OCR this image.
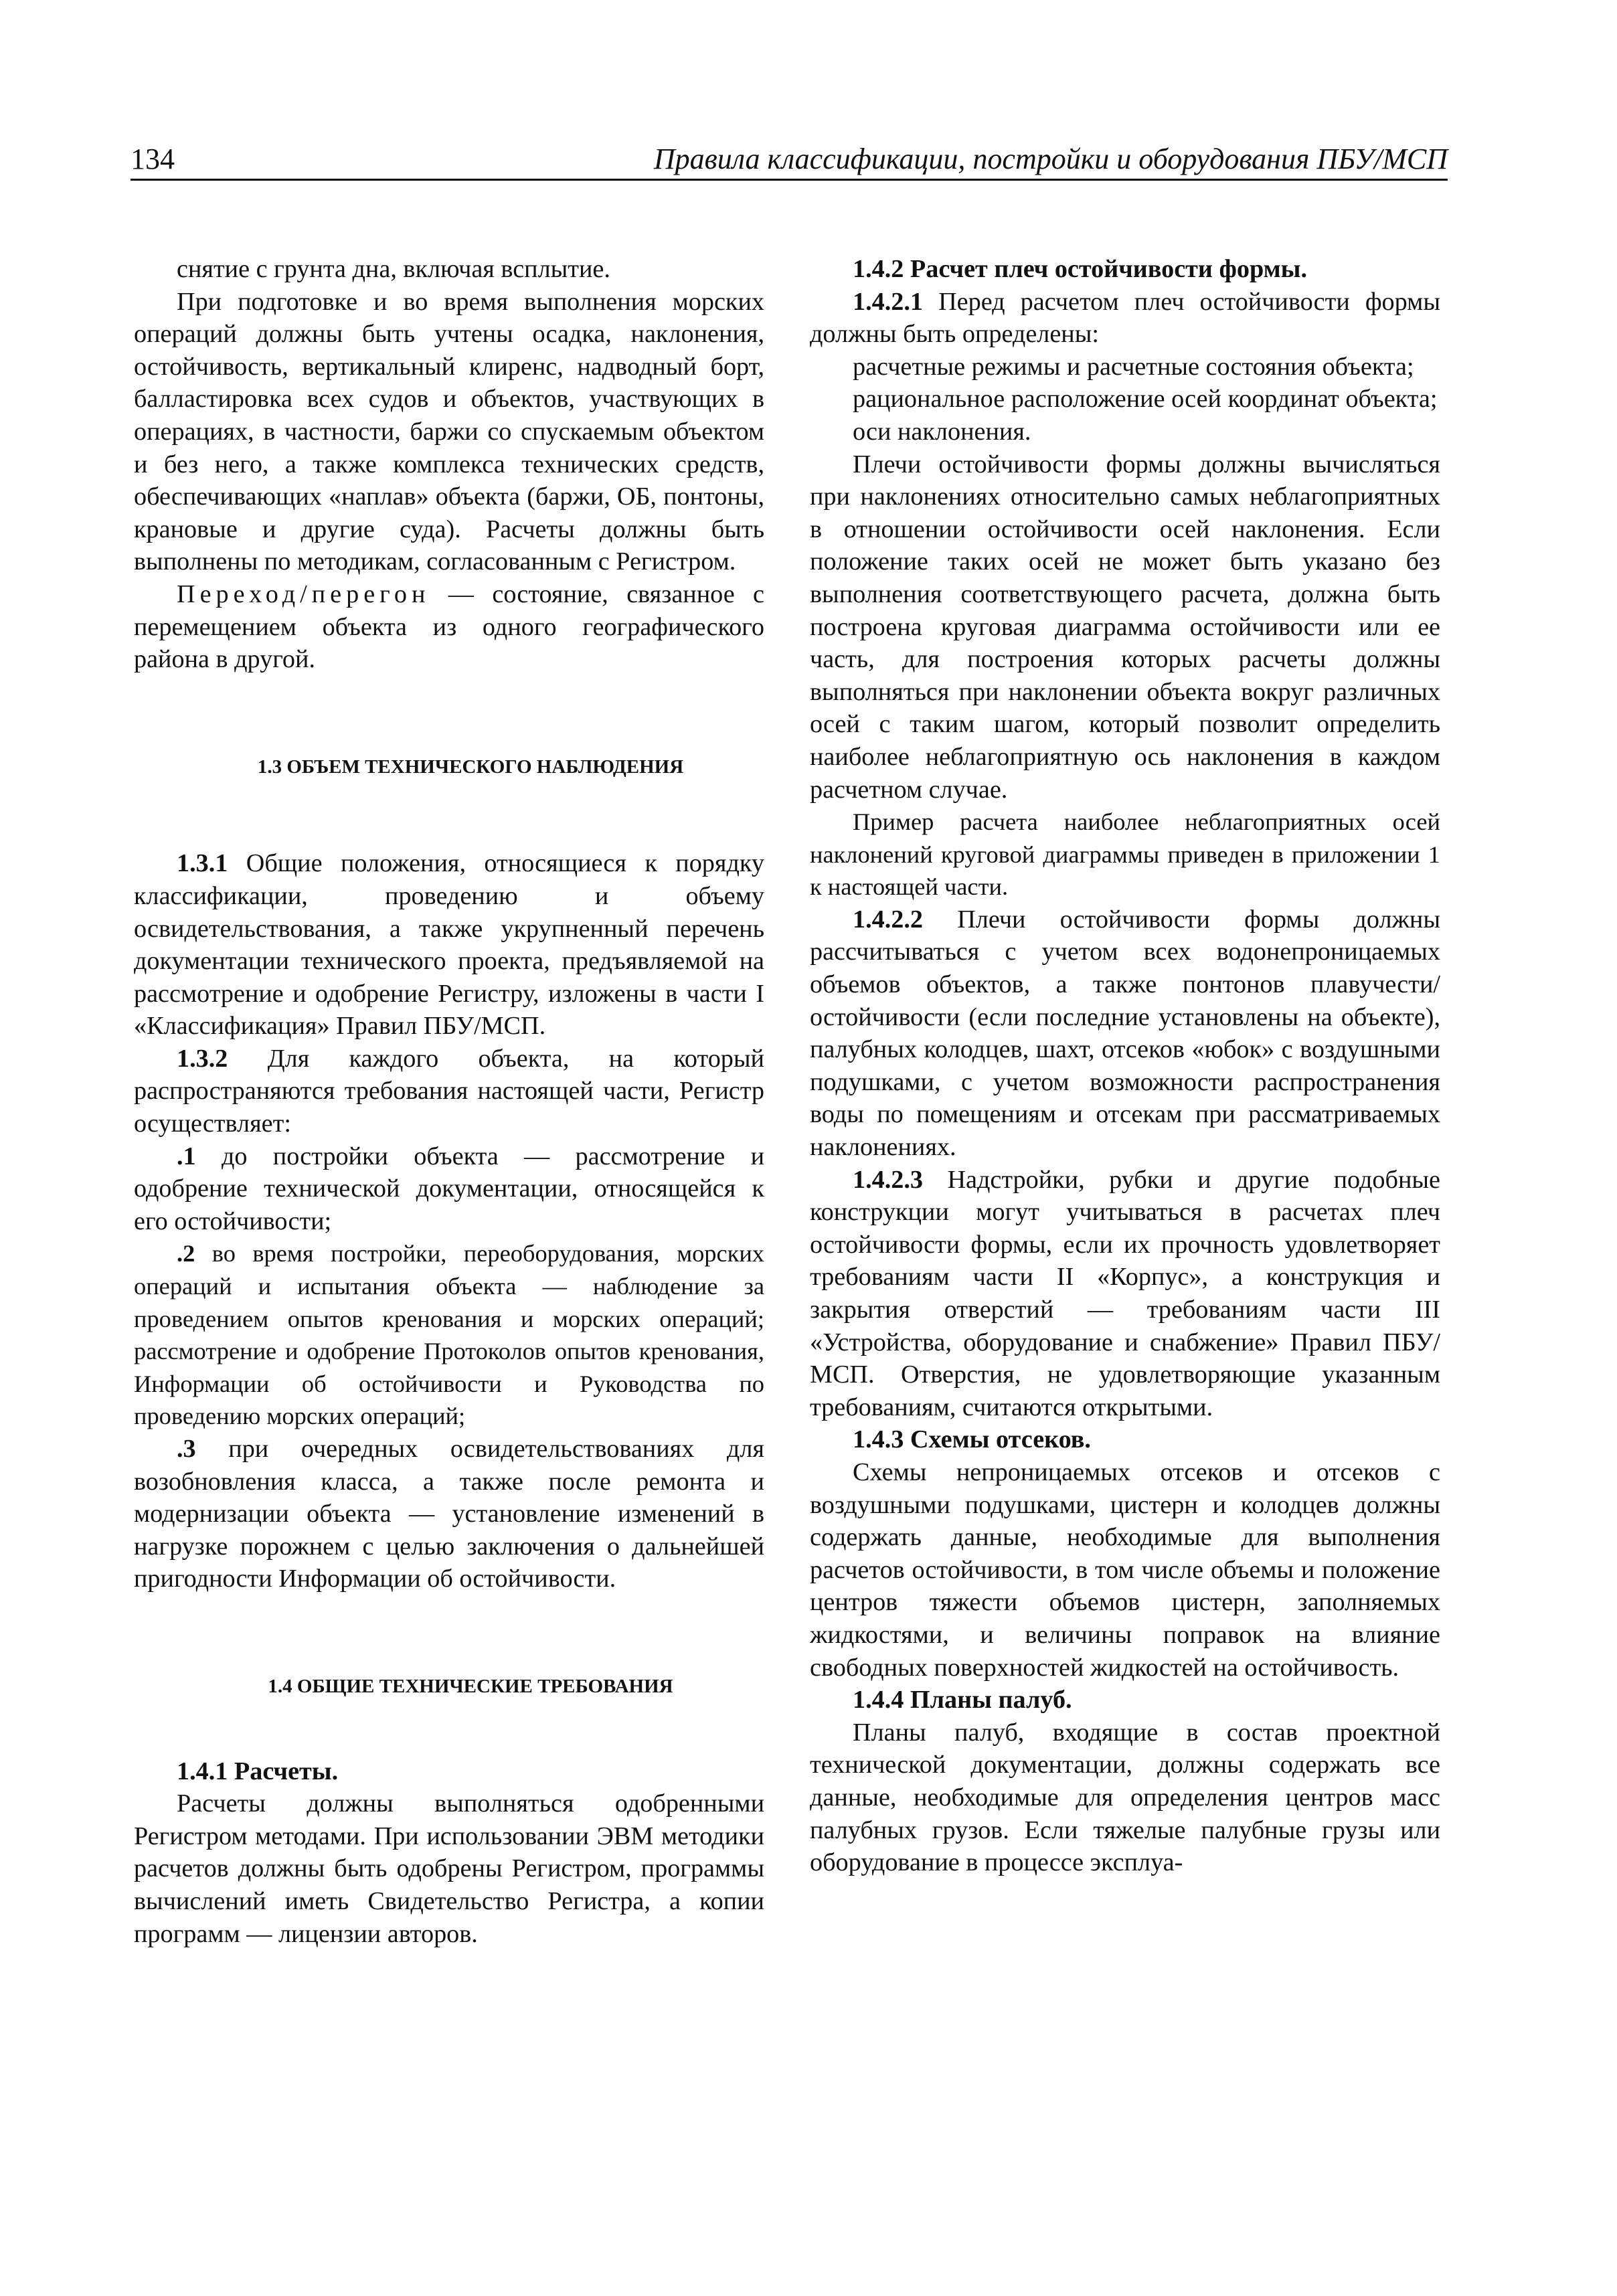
134	Правила классификации, постройки и оборудования ПБУ/МСП

снятие с грунта дна, включая всплытие.

При подготовке и во время выполнения морских операций должны быть учтены осадка, наклонения, остойчивость, вертикальный клиренс, надводный борт, балластировка всех судов и объектов, участвующих в операциях, в частности, баржи со спускаемым объектом и без него, а также комплекса технических средств, обеспечивающих «наплав» объекта (баржи, ОБ, понтоны, крановые и другие суда). Расчеты должны быть выполнены по методикам, согласованным с Регистром.

Переход/перегон — состояние, связанное с перемещением объекта из одного географического района в другой.

1.3 ОБЪЕМ ТЕХНИЧЕСКОГО НАБЛЮДЕНИЯ

1.3.1 Общие положения, относящиеся к порядку классификации, проведению и объему освидетельствования, а также укрупненный перечень документации технического проекта, предъявляемой на рассмотрение и одобрение Регистру, изложены в части I «Классификация» Правил ПБУ/МСП.

1.3.2 Для каждого объекта, на который распространяются требования настоящей части, Регистр осуществляет:

.1 до постройки объекта — рассмотрение и одобрение технической документации, относящейся к его остойчивости;

.2 во время постройки, переоборудования, морских операций и испытания объекта — наблюдение за проведением опытов кренования и морских операций; рассмотрение и одобрение Протоколов опытов кренования, Информации об остойчивости и Руководства по проведению морских операций;

.3 при очередных освидетельствованиях для возобновления класса, а также после ремонта и модернизации объекта — установление изменений в нагрузке порожнем с целью заключения о дальнейшей пригодности Информации об остойчивости.

1.4 ОБЩИЕ ТЕХНИЧЕСКИЕ ТРЕБОВАНИЯ

1.4.1 Расчеты.

Расчеты должны выполняться одобренными Регистром методами. При использовании ЭВМ методики расчетов должны быть одобрены Регистром, программы вычислений иметь Свидетельство Регистра, а копии программ — лицензии авторов.

1.4.2 Расчет плеч остойчивости формы.

1.4.2.1 Перед расчетом плеч остойчивости формы должны быть определены:

расчетные режимы и расчетные состояния объекта;

рациональное расположение осей координат объекта;

оси наклонения.

Плечи остойчивости формы должны вычисляться при наклонениях относительно самых неблагоприятных в отношении остойчивости осей наклонения. Если положение таких осей не может быть указано без выполнения соответствующего расчета, должна быть построена круговая диаграмма остойчивости или ее часть, для построения которых расчеты должны выполняться при наклонении объекта вокруг различных осей с таким шагом, который позволит определить наиболее неблагоприятную ось наклонения в каждом расчетном случае.

Пример расчета наиболее неблагоприятных осей наклонений круговой диаграммы приведен в приложении 1 к настоящей части.

1.4.2.2 Плечи остойчивости формы должны рассчитываться с учетом всех водонепроницаемых объемов объектов, а также понтонов плавучести/остойчивости (если последние установлены на объекте), палубных колодцев, шахт, отсеков «юбок» с воздушными подушками, с учетом возможности распространения воды по помещениям и отсекам при рассматриваемых наклонениях.

1.4.2.3 Надстройки, рубки и другие подобные конструкции могут учитываться в расчетах плеч остойчивости формы, если их прочность удовлетворяет требованиям части II «Корпус», а конструкция и закрытия отверстий — требованиям части III «Устройства, оборудование и снабжение» Правил ПБУ/МСП. Отверстия, не удовлетворяющие указанным требованиям, считаются открытыми.

1.4.3 Схемы отсеков.

Схемы непроницаемых отсеков и отсеков с воздушными подушками, цистерн и колодцев должны содержать данные, необходимые для выполнения расчетов остойчивости, в том числе объемы и положение центров тяжести объемов цистерн, заполняемых жидкостями, и величины поправок на влияние свободных поверхностей жидкостей на остойчивость.

1.4.4 Планы палуб.

Планы палуб, входящие в состав проектной технической документации, должны содержать все данные, необходимые для определения центров масс палубных грузов. Если тяжелые палубные грузы или оборудование в процессе эксплуа-
